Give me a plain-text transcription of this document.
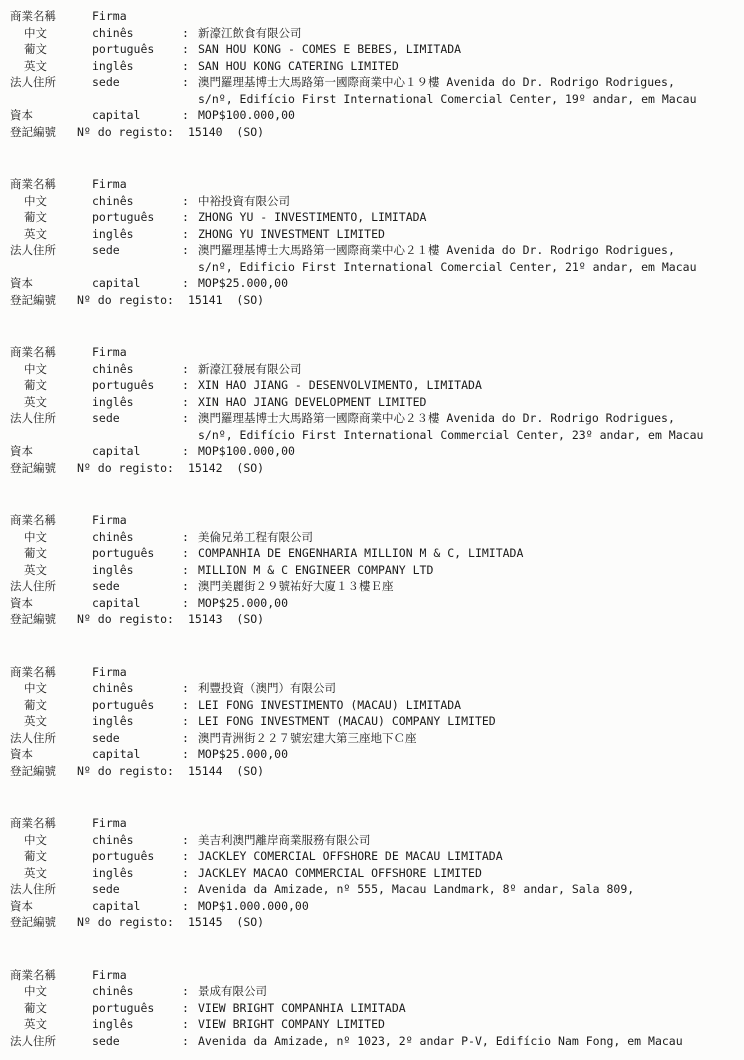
商業名稱	Firma
中文	chinês	: 新濠江飲食有限公司
葡文	português	: SAN HOU KONG - COMES E BEBES, LIMITADA
英文	inglês	: SAN HOU KONG CATERING LIMITED
法人住所	sede	: 澳門羅理基博士大馬路第一國際商業中心１９樓 Avenida do Dr. Rodrigo Rodrigues,
s/nº, Edifício First International Comercial Center, 19º andar, em Macau
資本	capital	: MOP$100.000,00
登記編號	Nº do registo: 15140  (SO)
商業名稱	Firma
中文	chinês	: 中裕投資有限公司
葡文	português	: ZHONG YU - INVESTIMENTO, LIMITADA
英文	inglês	: ZHONG YU INVESTMENT LIMITED
法人住所	sede	: 澳門羅理基博士大馬路第一國際商業中心２１樓 Avenida do Dr. Rodrigo Rodrigues,
s/nº, Edificio First International Comercial Center, 21º andar, em Macau
資本	capital	: MOP$25.000,00
登記編號	Nº do registo: 15141  (SO)
商業名稱	Firma
中文	chinês	: 新濠江發展有限公司
葡文	português	: XIN HAO JIANG - DESENVOLVIMENTO, LIMITADA
英文	inglês	: XIN HAO JIANG DEVELOPMENT LIMITED
法人住所	sede	: 澳門羅理基博士大馬路第一國際商業中心２３樓 Avenida do Dr. Rodrigo Rodrigues,
s/nº, Edifício First International Commercial Center, 23º andar, em Macau
資本	capital	: MOP$100.000,00
登記編號	Nº do registo: 15142  (SO)
商業名稱	Firma
中文	chinês	: 美倫兄弟工程有限公司
葡文	português	: COMPANHIA DE ENGENHARIA MILLION M & C, LIMITADA
英文	inglês	: MILLION M & C ENGINEER COMPANY LTD
法人住所	sede	: 澳門美麗街２９號祐好大廈１３樓Ｅ座
資本	capital	: MOP$25.000,00
登記編號	Nº do registo: 15143  (SO)
商業名稱	Firma
中文	chinês	: 利豐投資（澳門）有限公司
葡文	português	: LEI FONG INVESTIMENTO (MACAU) LIMITADA
英文	inglês	: LEI FONG INVESTMENT (MACAU) COMPANY LIMITED
法人住所	sede	: 澳門青洲街２２７號宏建大第三座地下Ｃ座
資本	capital	: MOP$25.000,00
登記編號	Nº do registo: 15144  (SO)
商業名稱	Firma
中文	chinês	: 美吉利澳門離岸商業服務有限公司
葡文	português	: JACKLEY COMERCIAL OFFSHORE DE MACAU LIMITADA
英文	inglês	: JACKLEY MACAO COMMERCIAL OFFSHORE LIMITED
法人住所	sede	: Avenida da Amizade, nº 555, Macau Landmark, 8º andar, Sala 809,
資本	capital	: MOP$1.000.000,00
登記編號	Nº do registo: 15145  (SO)
商業名稱	Firma
中文	chinês	: 景成有限公司
葡文	português	: VIEW BRIGHT COMPANHIA LIMITADA
英文	inglês	: VIEW BRIGHT COMPANY LIMITED
法人住所	sede	: Avenida da Amizade, nº 1023, 2º andar P-V, Edifício Nam Fong, em Macau
